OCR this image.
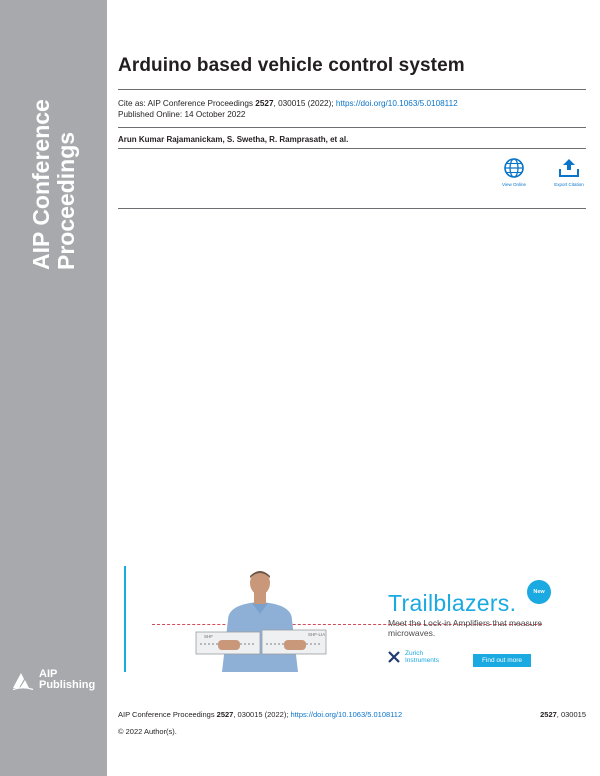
AIP Conference Proceedings
AIP
Publishing
Arduino based vehicle control system
Cite as: AIP Conference Proceedings 2527, 030015 (2022); https://doi.org/10.1063/5.0108112
Published Online: 14 October 2022
Arun Kumar Rajamanickam, S. Swetha, R. Ramprasath, et al.
View Online	Export Citation
SHF	SHF-LIA
Trailblazers.
Meet the Lock-in Amplifiers that measure microwaves.
New
Zurich
Instruments	Find out more
AIP Conference Proceedings 2527, 030015 (2022); https://doi.org/10.1063/5.0108112	2527, 030015
© 2022 Author(s).
